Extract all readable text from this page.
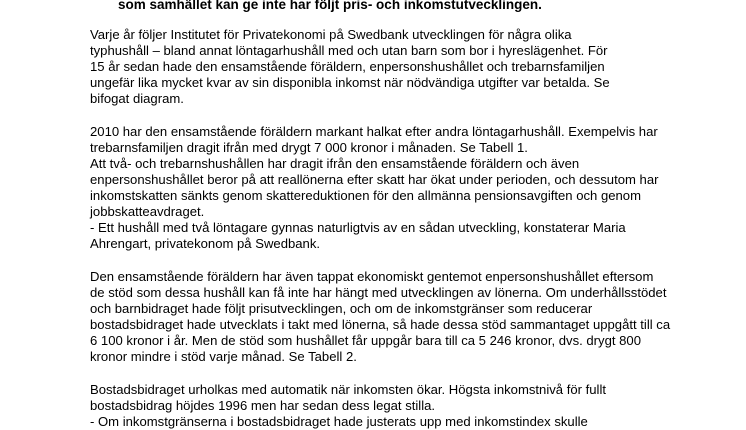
som samhället kan ge inte har följt pris- och inkomstutvecklingen.
Varje år följer Institutet för Privatekonomi på Swedbank utvecklingen för några olika
typhushåll – bland annat löntagarhushåll med och utan barn som bor i hyreslägenhet. För
15 år sedan hade den ensamstående föräldern, enpersonshushållet och trebarnsfamiljen
ungefär lika mycket kvar av sin disponibla inkomst när nödvändiga utgifter var betalda. Se
bifogat diagram.
2010 har den ensamstående föräldern markant halkat efter andra löntagarhushåll. Exempelvis har
trebarnsfamiljen dragit ifrån med drygt 7 000 kronor i månaden. Se Tabell 1.
Att två- och trebarnshushållen har dragit ifrån den ensamstående föräldern och även
enpersonshushållet beror på att reallönerna efter skatt har ökat under perioden, och dessutom har
inkomstskatten sänkts genom skattereduktionen för den allmänna pensionsavgiften och genom
jobbskatteavdraget.
- Ett hushåll med två löntagare gynnas naturligtvis av en sådan utveckling, konstaterar Maria
Ahrengart, privatekonom på Swedbank.
Den ensamstående föräldern har även tappat ekonomiskt gentemot enpersonshushållet eftersom
de stöd som dessa hushåll kan få inte har hängt med utvecklingen av lönerna. Om underhållsstödet
och barnbidraget hade följt prisutvecklingen, och om de inkomstgränser som reducerar
bostadsbidraget hade utvecklats i takt med lönerna, så hade dessa stöd sammantaget uppgått till ca
6 100 kronor i år. Men de stöd som hushållet får uppgår bara till ca 5 246 kronor, dvs. drygt 800
kronor mindre i stöd varje månad. Se Tabell 2.
Bostadsbidraget urholkas med automatik när inkomsten ökar. Högsta inkomstnivå för fullt
bostadsbidrag höjdes 1996 men har sedan dess legat stilla.
- Om inkomstgränserna i bostadsbidraget hade justerats upp med inkomstindex skulle
